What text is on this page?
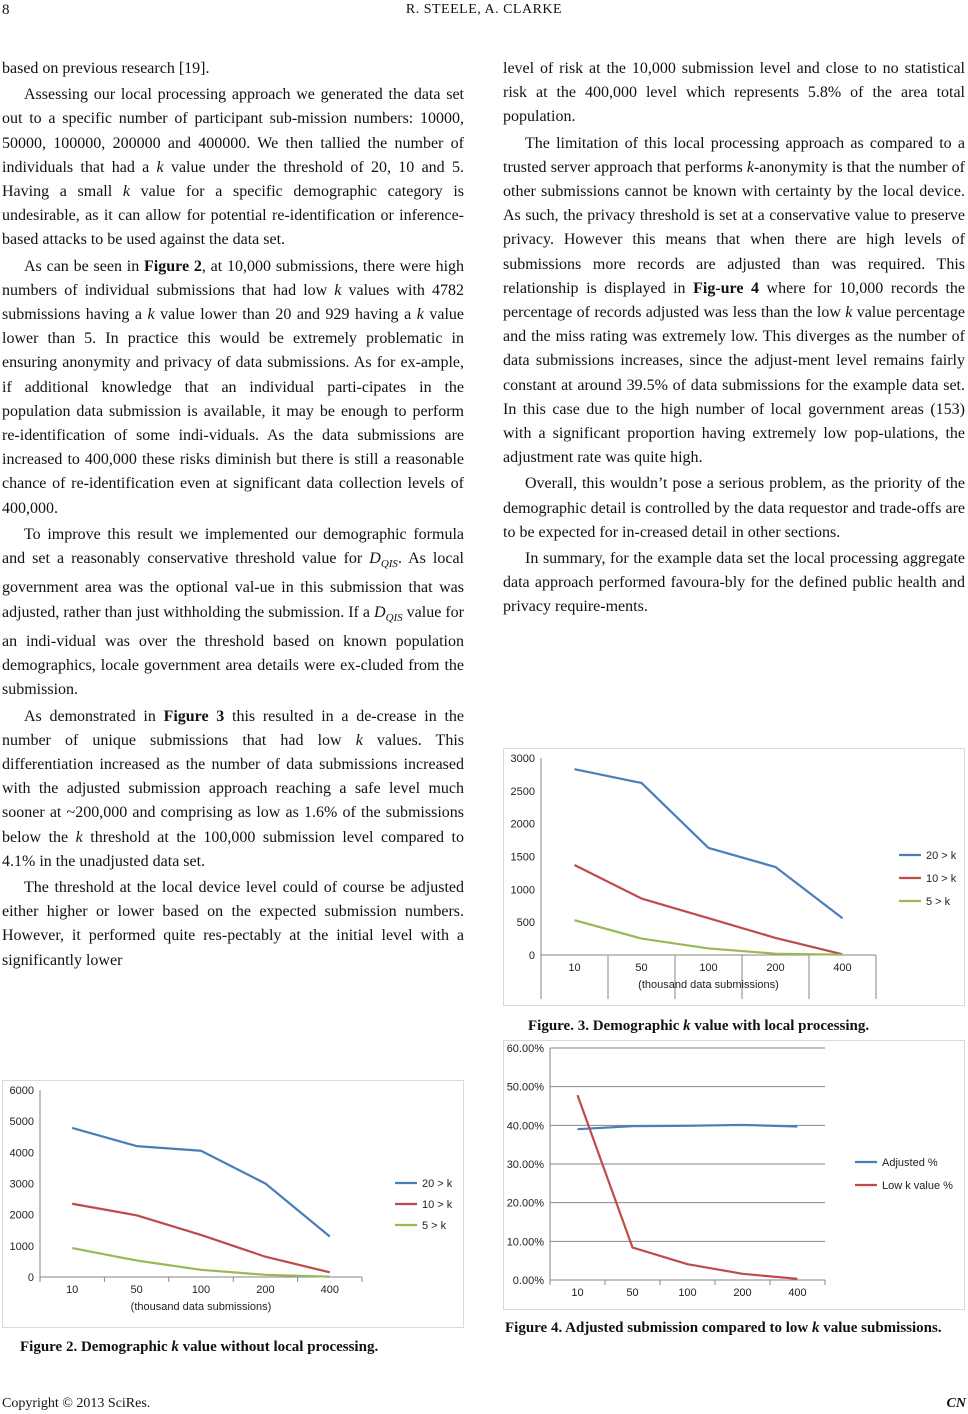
8	R. STEELE, A. CLARKE

based on previous research [19].

Assessing our local processing approach we generated the data set out to a specific number of participant sub-mission numbers: 10000, 50000, 100000, 200000 and 400000. We then tallied the number of individuals that had a k value under the threshold of 20, 10 and 5. Having a small k value for a specific demographic category is undesirable, as it can allow for potential re-identification or inference-based attacks to be used against the data set.

As can be seen in Figure 2, at 10,000 submissions, there were high numbers of individual submissions that had low k values with 4782 submissions having a k value lower than 20 and 929 having a k value lower than 5. In practice this would be extremely problematic in ensuring anonymity and privacy of data submissions. As for ex-ample, if additional knowledge that an individual parti-cipates in the population data submission is available, it may be enough to perform re-identification of some indi-viduals. As the data submissions are increased to 400,000 these risks diminish but there is still a reasonable chance of re-identification even at significant data collection levels of 400,000.

To improve this result we implemented our demographic formula and set a reasonably conservative threshold value for $D_{QIS}$. As local government area was the optional val-ue in this submission that was adjusted, rather than just withholding the submission. If a $D_{QIS}$ value for an indi-vidual was over the threshold based on known population demographics, locale government area details were ex-cluded from the submission.

As demonstrated in Figure 3 this resulted in a de-crease in the number of unique submissions that had low k values. This differentiation increased as the number of data submissions increased with the adjusted submission approach reaching a safe level much sooner at ~200,000 and comprising as low as 1.6% of the submissions below the k threshold at the 100,000 submission level compared to 4.1% in the unadjusted data set.

The threshold at the local device level could of course be adjusted either higher or lower based on the expected submission numbers. However, it performed quite res-pectably at the initial level with a significantly lower

level of risk at the 10,000 submission level and close to no statistical risk at the 400,000 level which represents 5.8% of the area total population.

The limitation of this local processing approach as compared to a trusted server approach that performs k-anonymity is that the number of other submissions cannot be known with certainty by the local device. As such, the privacy threshold is set at a conservative value to preserve privacy. However this means that when there are high levels of submissions more records are adjusted than was required. This relationship is displayed in Fig-ure 4 where for 10,000 records the percentage of records adjusted was less than the low k value percentage and the miss rating was extremely low. This diverges as the number of data submissions increases, since the adjust-ment level remains fairly constant at around 39.5% of data submissions for the example data set. In this case due to the high number of local government areas (153) with a significant proportion having extremely low pop-ulations, the adjustment rate was quite high.

Overall, this wouldn’t pose a serious problem, as the priority of the demographic detail is controlled by the data requestor and trade-offs are to be expected for in-creased detail in other sections.

In summary, for the example data set the local processing aggregate data approach performed favoura-bly for the defined public health and privacy require-ments.

0
1000
2000
3000
4000
5000
6000
10	50	100	200	400
(thousand data submissions)
20 > k
10 > k
5 > k
Figure 2. Demographic k value without local processing.
0
500
1000
1500
2000
2500
3000
10	50	100	200	400
(thousand data submissions)
20 > k
10 > k
5 > k
Figure. 3. Demographic k value with local processing.
0.00%
10.00%
20.00%
30.00%
40.00%
50.00%
60.00%
10	50	100	200	400
Adjusted %
Low k value %
Figure 4. Adjusted submission compared to low k value submissions.
Copyright © 2013 SciRes.	CN
